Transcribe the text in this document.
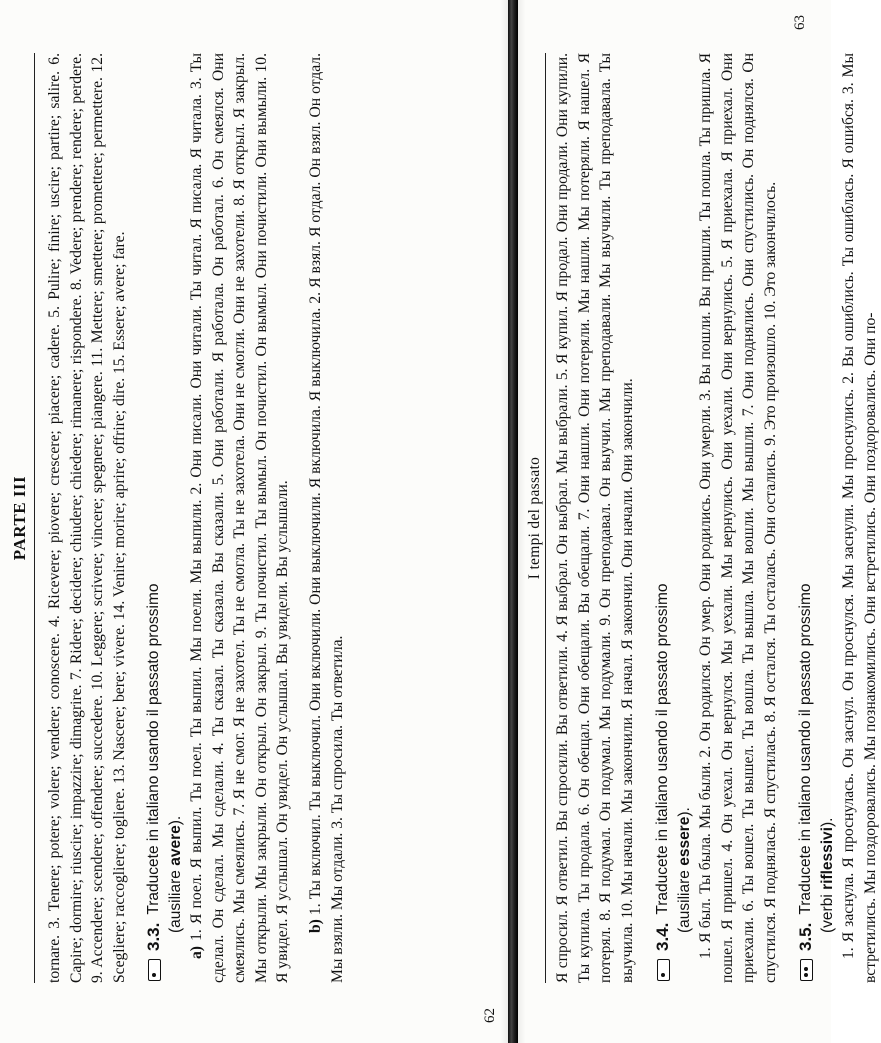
PARTE III
62

tornare. 3. Tenere; potere; volere; vendere; conoscere. 4. Ricevere; piovere; crescere; piacere; cadere. 5. Pulire; finire; uscire; partire; salire. 6. Capire; dormire; riuscire; impazzire; dimagrire. 7. Ridere; decidere; chiudere; chiedere; rimanere; rispondere. 8. Vedere; prendere; rendere; perdere. 9. Accendere; scendere; offendere; succedere. 10. Leggere; scrivere; vincere; spegnere; piangere. 11. Mettere; smettere; promettere; permettere. 12. Scegliere; raccogliere; togliere. 13. Nascere; bere; vivere. 14. Venire; morire; aprire; offrire; dire. 15. Essere; avere; fare. 3.3.
Traducete in italiano usando il passato prossimo (ausiliare avere).

a) 1. Я поел. Я выпил. Ты поел. Ты выпил. Мы поели. Мы выпили. 2. Они писали. Они читали. Ты читал. Я писала. Я читала. 3. Ты сделал. Он сделал. Мы сделали. 4. Ты сказал. Ты сказала. Вы сказали. 5. Они работали. Я работала. Он работал. 6. Он смеялся. Они смеялись. Мы смеялись. 7. Я не смог. Я не захотел. Ты не смогла. Ты не захотела. Они не смогли. Они не захотели. 8. Я открыл. Я закрыл. Мы открыли. Мы закрыли. Он открыл. Он закрыл. 9. Ты почистил. Ты вымыл. Он почистил. Он вымыл. Они почистили. Они вымыли. 10. Я увидел. Я услышал. Он увидел. Он услышал. Вы увидели. Вы услышали. b) 1. Ты включил. Ты выключил. Они включили. Они выключили. Я включила. Я выключила. 2. Я взял. Я отдал. Он взял. Он отдал. Мы взяли. Мы отдали. 3. Ты спросила. Ты ответила.

I tempi del passato
63

Я спросил. Я ответил. Вы спросили. Вы ответили. 4. Я выбрал. Он выбрал. Мы выбрали. 5. Я купил. Я продал. Они продали. Они купили. Ты купила. Ты продала. 6. Он обещал. Они обещали. Вы обещали. 7. Они нашли. Они потеряли. Мы нашли. Мы потеряли. Я нашел. Я потерял. 8. Я подумал. Он подумал. Мы подумали. 9. Он преподавал. Он выучил. Мы преподавали. Мы выучили. Ты преподавала. Ты выучила. 10. Мы начали. Мы закончили. Я начал. Я закончил. Они начали. Они закончили. 3.4.
Traducete in italiano usando il passato prossimo (ausiliare essere). 1. Я был. Ты была. Мы были. 2. Он родился. Он умер. Они родились. Они умерли. 3. Вы пошли. Вы пришли. Ты пошла. Ты пришла. Я пошел. Я пришел. 4. Он уехал. Он вернулся. Мы уехали. Мы вернулись. Они уехали. Они вернулись. 5. Я приехала. Я приехал. Они приехали. 6. Ты вошел. Ты вышел. Ты вошла. Ты вышла. Мы вошли. Мы вышли. 7. Они поднялись. Они спустились. Он поднялся. Он спустился. Я поднялась. Я спустилась. 8. Я остался. Ты осталась. Они остались. 9. Это произошло. 10. Это закончилось. 3.5.
Traducete in italiano usando il passato prossimo (verbi riflessivi). 1. Я заснула. Я проснулась. Он заснул. Он проснулся. Мы заснули. Мы проснулись. 2. Вы ошиблись. Ты ошиблась. Я ошибся. 3. Мы встретились. Мы поздоровались. Мы познакомились. Они встретились. Они поздоровались. Они по-
